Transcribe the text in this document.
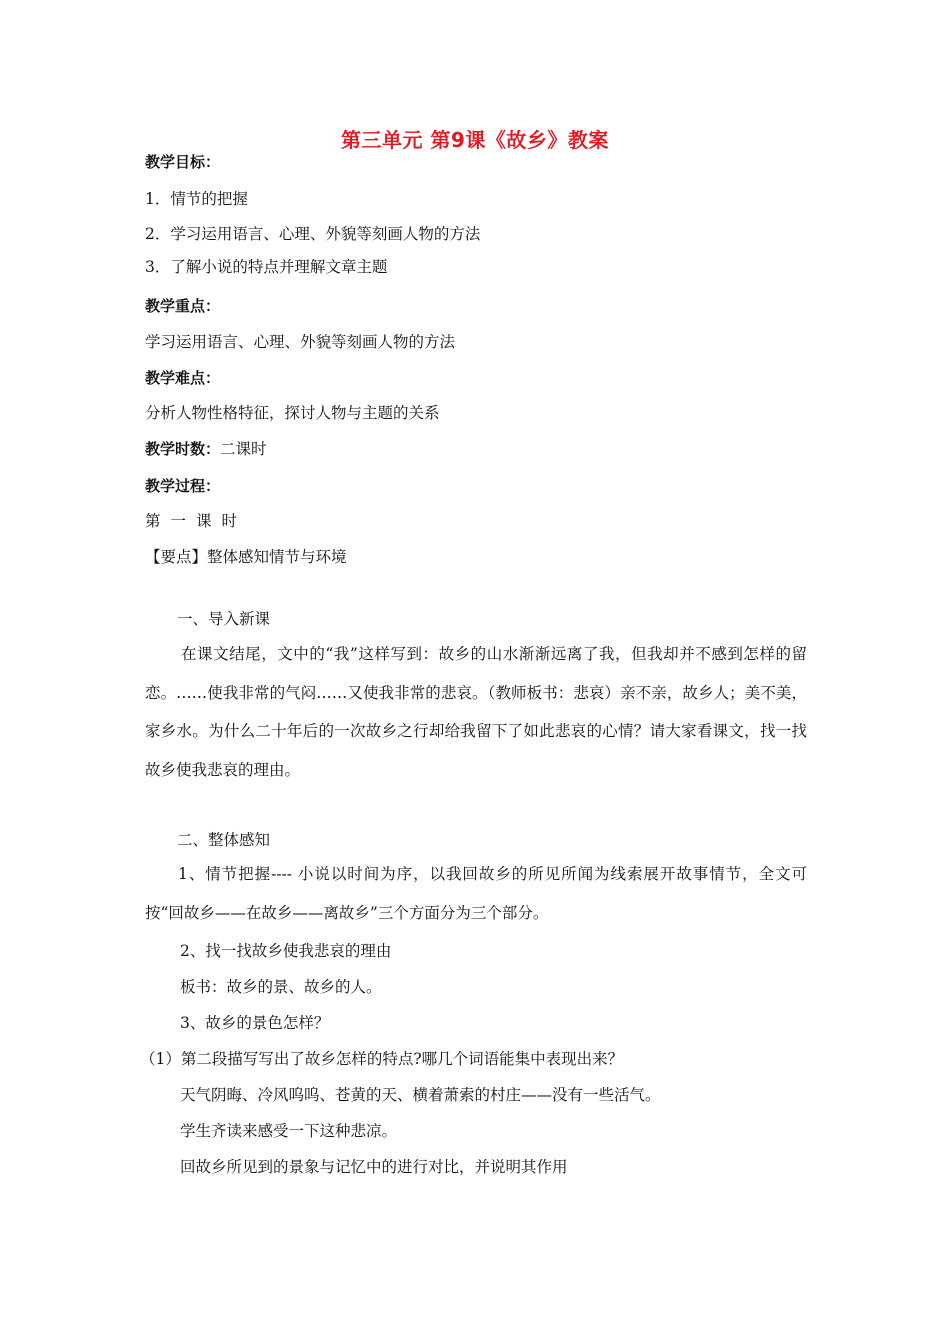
第三单元 第9课《故乡》教案
教学目标：
1．情节的把握
2．学习运用语言、心理、外貌等刻画人物的方法
3．了解小说的特点并理解文章主题
教学重点：
学习运用语言、心理、外貌等刻画人物的方法
教学难点：
分析人物性格特征，探讨人物与主题的关系
教学时数：二课时
教学过程：
第一课时
【要点】整体感知情节与环境
一、导入新课
在课文结尾，文中的“我”这样写到：故乡的山水渐渐远离了我，但我却并不感到怎样的留恋。……使我非常的气闷……又使我非常的悲哀。（教师板书：悲哀）亲不亲，故乡人；美不美，家乡水。为什么二十年后的一次故乡之行却给我留下了如此悲哀的心情？请大家看课文，找一找故乡使我悲哀的理由。
二、整体感知
1、情节把握---- 小说以时间为序，以我回故乡的所见所闻为线索展开故事情节，全文可按“回故乡——在故乡——离故乡”三个方面分为三个部分。
2、找一找故乡使我悲哀的理由
板书：故乡的景、故乡的人。
3、故乡的景色怎样？
（1）第二段描写写出了故乡怎样的特点?哪几个词语能集中表现出来？
天气阴晦、冷风呜呜、苍黄的天、横着萧索的村庄——没有一些活气。
学生齐读来感受一下这种悲凉。
回故乡所见到的景象与记忆中的进行对比，并说明其作用
